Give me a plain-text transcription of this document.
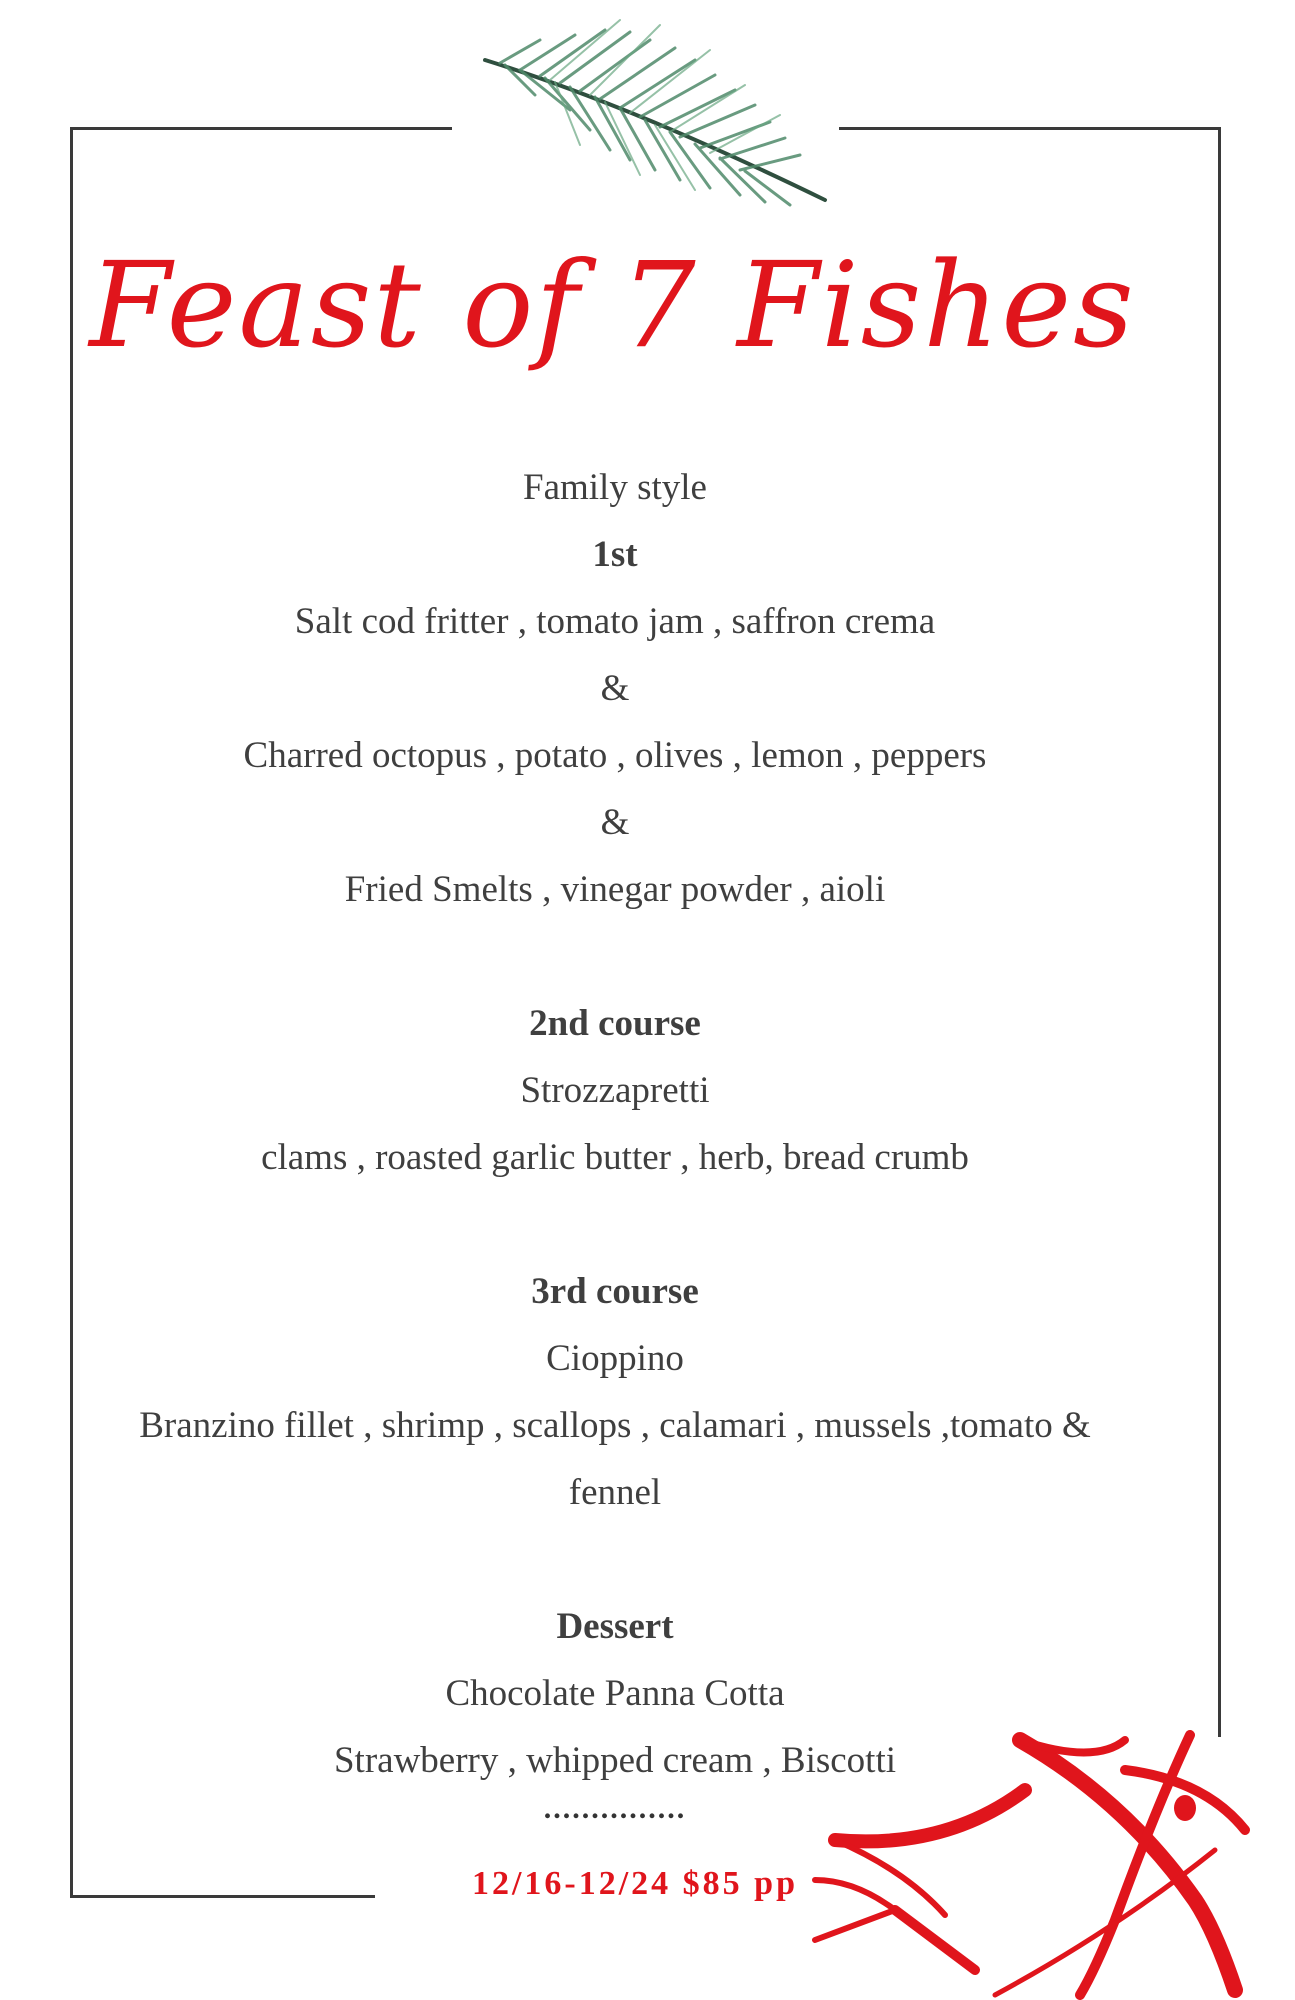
Feast of 7 Fishes
Family style
1st
Salt cod fritter , tomato jam , saffron crema
&
Charred octopus , potato , olives , lemon , peppers
&
Fried Smelts , vinegar powder , aioli
2nd course
Strozzapretti
clams , roasted garlic butter , herb, bread crumb
3rd course
Cioppino
Branzino fillet , shrimp , scallops , calamari , mussels ,tomato &
fennel
Dessert
Chocolate Panna Cotta
Strawberry , whipped cream , Biscotti
...............
12/16-12/24 $85 pp
